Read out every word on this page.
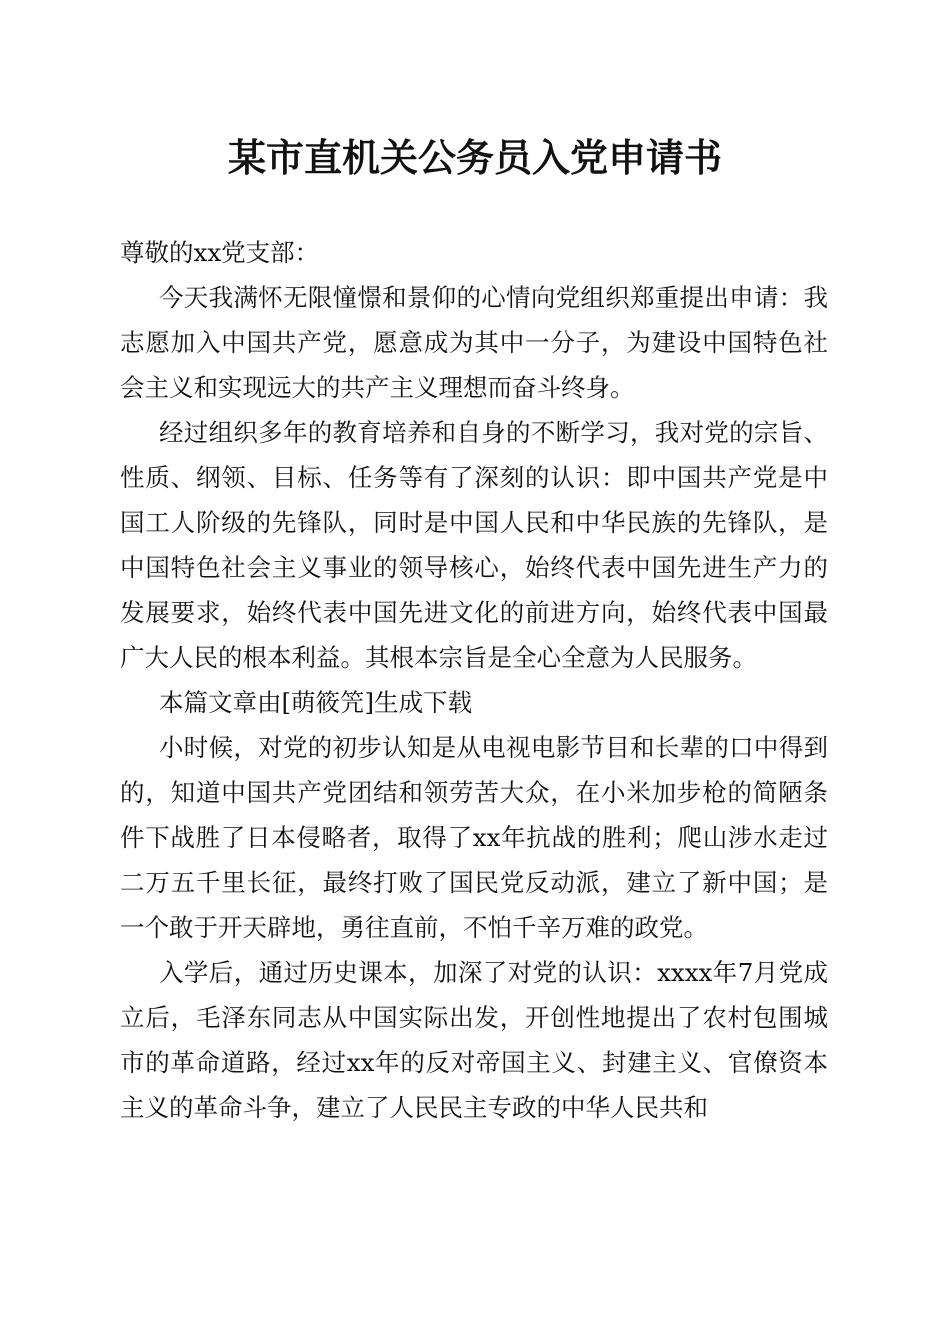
某市直机关公务员入党申请书

尊敬的xx党支部：

今天我满怀无限憧憬和景仰的心情向党组织郑重提出申请：我志愿加入中国共产党，愿意成为其中一分子，为建设中国特色社会主义和实现远大的共产主义理想而奋斗终身。

经过组织多年的教育培养和自身的不断学习，我对党的宗旨、性质、纲领、目标、任务等有了深刻的认识：即中国共产党是中国工人阶级的先锋队，同时是中国人民和中华民族的先锋队，是中国特色社会主义事业的领导核心，始终代表中国先进生产力的发展要求，始终代表中国先进文化的前进方向，始终代表中国最广大人民的根本利益。其根本宗旨是全心全意为人民服务。

本篇文章由[萌筱笐]生成下载

小时候，对党的初步认知是从电视电影节目和长辈的口中得到的，知道中国共产党团结和领劳苦大众，在小米加步枪的简陋条件下战胜了日本侵略者，取得了xx年抗战的胜利；爬山涉水走过二万五千里长征，最终打败了国民党反动派，建立了新中国；是一个敢于开天辟地，勇往直前，不怕千辛万难的政党。

入学后，通过历史课本，加深了对党的认识：xxxx年7月党成立后，毛泽东同志从中国实际出发，开创性地提出了农村包围城市的革命道路，经过xx年的反对帝国主义、封建主义、官僚资本主义的革命斗争，建立了人民民主专政的中华人民共和
